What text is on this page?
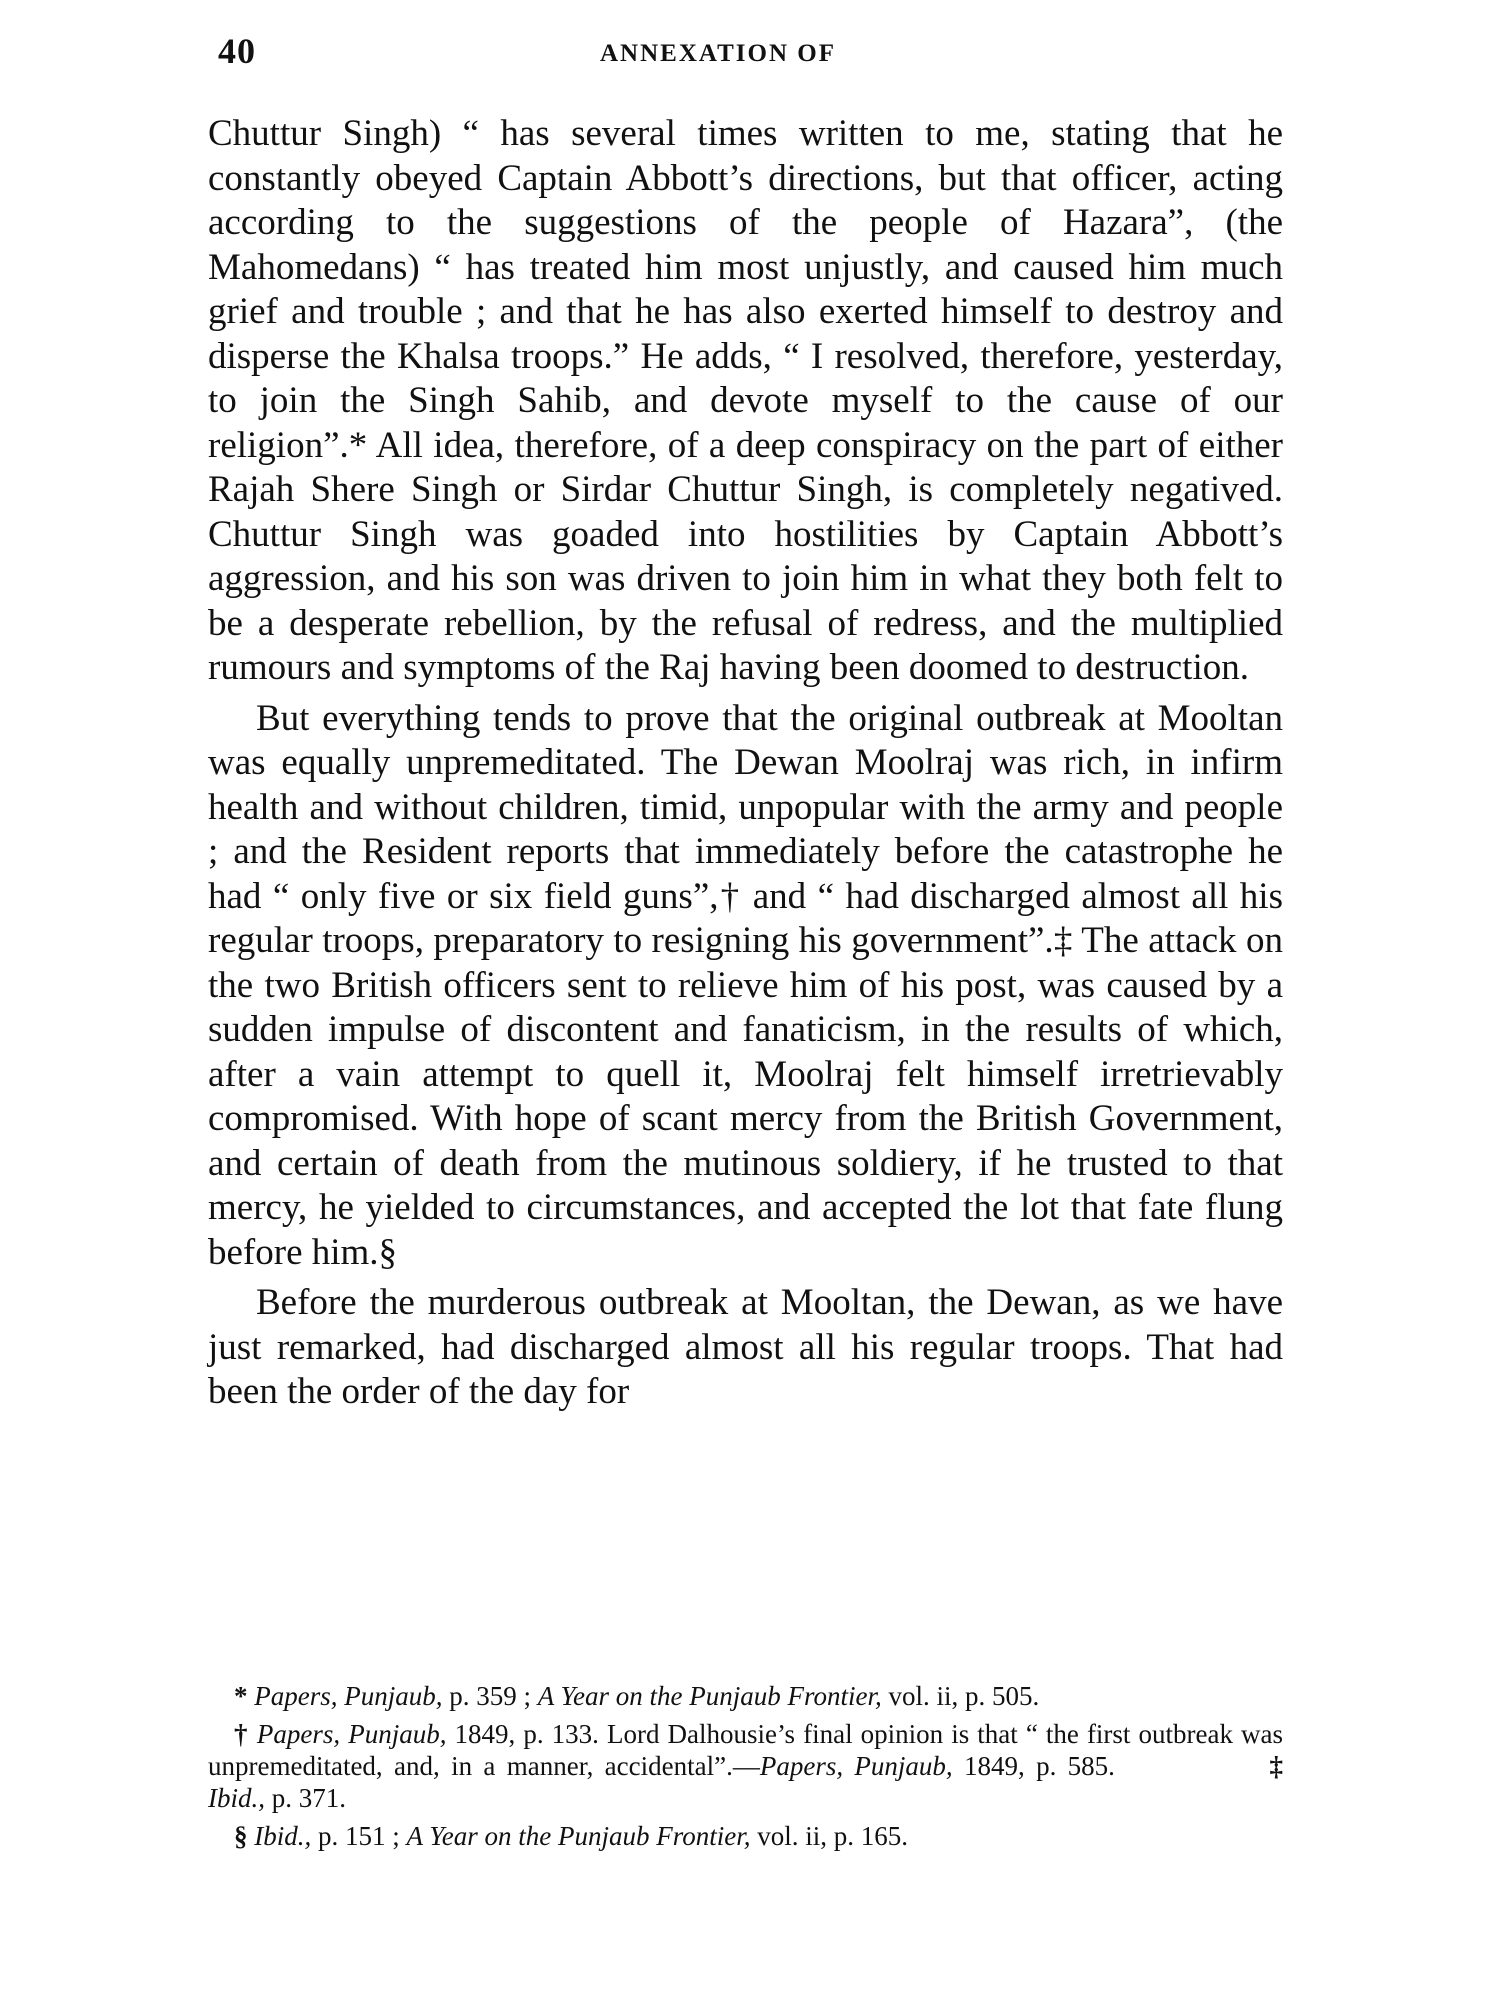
40	ANNEXATION OF

Chuttur Singh) “ has several times written to me, stating that he constantly obeyed Captain Abbott’s directions, but that officer, acting according to the suggestions of the people of Hazara”, (the Mahomedans) “ has treated him most unjustly, and caused him much grief and trouble ; and that he has also exerted himself to destroy and disperse the Khalsa troops.” He adds, “ I resolved, therefore, yesterday, to join the Singh Sahib, and devote myself to the cause of our religion”.* All idea, therefore, of a deep conspiracy on the part of either Rajah Shere Singh or Sirdar Chuttur Singh, is completely negatived. Chuttur Singh was goaded into hostilities by Captain Abbott’s aggression, and his son was driven to join him in what they both felt to be a desperate rebellion, by the refusal of redress, and the multiplied rumours and symptoms of the Raj having been doomed to destruction.

But everything tends to prove that the original outbreak at Mooltan was equally unpremeditated. The Dewan Moolraj was rich, in infirm health and without children, timid, unpopular with the army and people ; and the Resident reports that immediately before the catastrophe he had “ only five or six field guns”,† and “ had discharged almost all his regular troops, preparatory to resigning his government”.‡ The attack on the two British officers sent to relieve him of his post, was caused by a sudden impulse of discontent and fanaticism, in the results of which, after a vain attempt to quell it, Moolraj felt himself irretrievably compromised. With hope of scant mercy from the British Government, and certain of death from the mutinous soldiery, if he trusted to that mercy, he yielded to circumstances, and accepted the lot that fate flung before him.§

Before the murderous outbreak at Mooltan, the Dewan, as we have just remarked, had discharged almost all his regular troops. That had been the order of the day for

* Papers, Punjaub, p. 359 ; A Year on the Punjaub Frontier, vol. ii, p. 505.

† Papers, Punjaub, 1849, p. 133. Lord Dalhousie’s final opinion is that “ the first outbreak was unpremeditated, and, in a manner, accidental”.—Papers, Punjaub, 1849, p. 585.	‡ Ibid., p. 371.

§ Ibid., p. 151 ; A Year on the Punjaub Frontier, vol. ii, p. 165.
